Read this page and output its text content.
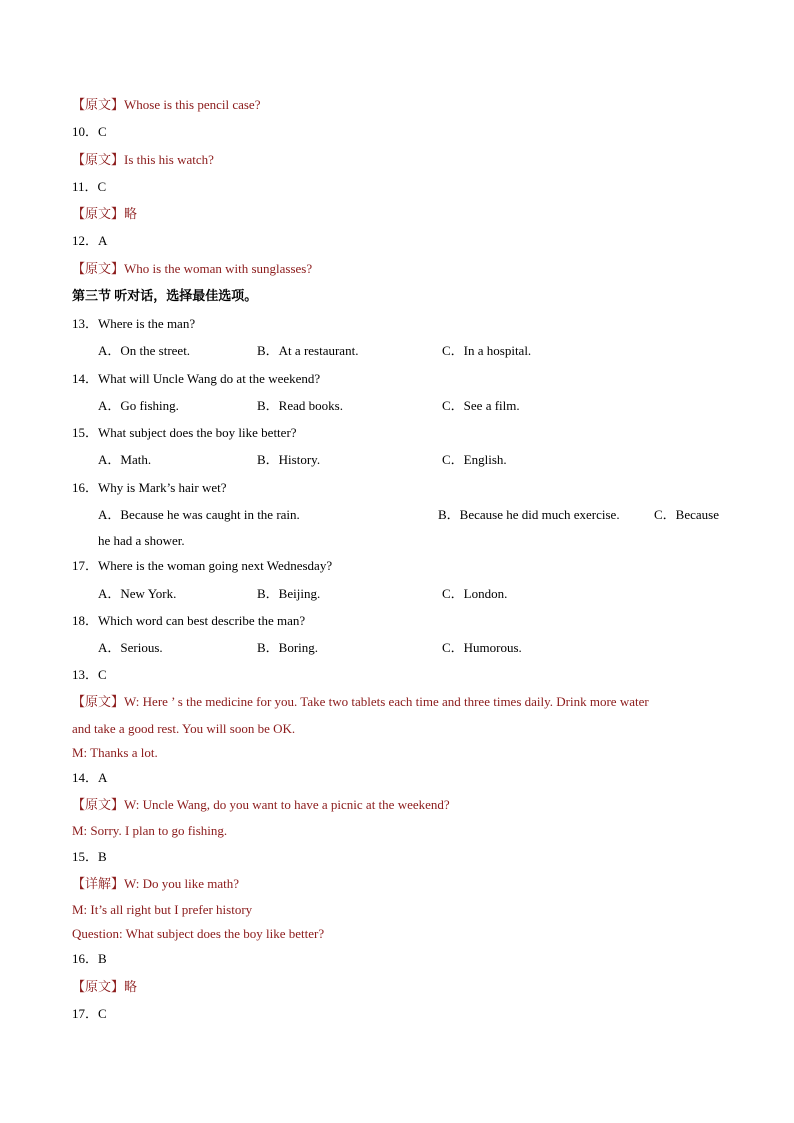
【原文】Whose is this pencil case?
10．C
【原文】Is this his watch?
11．C
【原文】略
12．A
【原文】Who is the woman with sunglasses?
第三节 听对话，选择最佳选项。
13．Where is the man?
A．On the street.	B．At a restaurant.	C．In a hospital.
14．What will Uncle Wang do at the weekend?
A．Go fishing.	B．Read books.	C．See a film.
15．What subject does the boy like better?
A．Math.	B．History.	C．English.
16．Why is Mark’s hair wet?
A．Because he was caught in the rain.	B．Because he did much exercise.	C．Because
he had a shower.
17．Where is the woman going next Wednesday?
A．New York.	B．Beijing.	C．London.
18．Which word can best describe the man?
A．Serious.	B．Boring.	C．Humorous.
13．C
【原文】W: Here ’ s the medicine for you. Take two tablets each time and three times daily. Drink more water
and take a good rest. You will soon be OK.
M: Thanks a lot.
14．A
【原文】W: Uncle Wang, do you want to have a picnic at the weekend?
M: Sorry. I plan to go fishing.
15．B
【详解】W: Do you like math?
M: It’s all right but I prefer history
Question: What subject does the boy like better?
16．B
【原文】略
17．C
